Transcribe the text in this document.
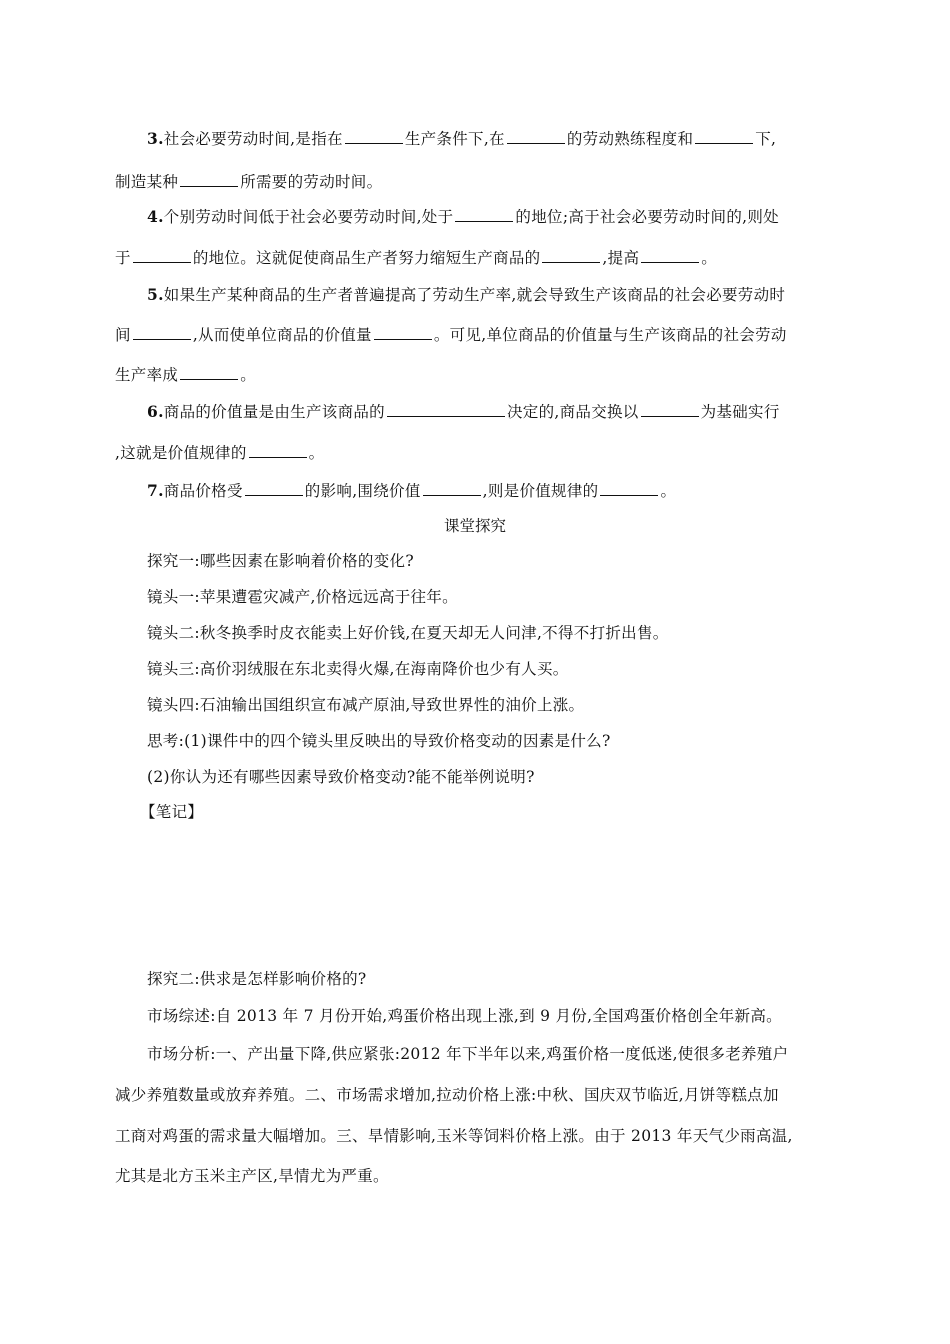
3.社会必要劳动时间,是指在	生产条件下,在	的劳动熟练程度和	下,
制造某种	所需要的劳动时间。
4.个别劳动时间低于社会必要劳动时间,处于	的地位;高于社会必要劳动时间的,则处
于	的地位。这就促使商品生产者努力缩短生产商品的	,提高	。
5.如果生产某种商品的生产者普遍提高了劳动生产率,就会导致生产该商品的社会必要劳动时
间	,从而使单位商品的价值量	。可见,单位商品的价值量与生产该商品的社会劳动
生产率成	。
6.商品的价值量是由生产该商品的	决定的,商品交换以	为基础实行
,这就是价值规律的	。
7.商品价格受	的影响,围绕价值	,则是价值规律的	。
课堂探究
探究一:哪些因素在影响着价格的变化?
镜头一:苹果遭雹灾减产,价格远远高于往年。
镜头二:秋冬换季时皮衣能卖上好价钱,在夏天却无人问津,不得不打折出售。
镜头三:高价羽绒服在东北卖得火爆,在海南降价也少有人买。
镜头四:石油输出国组织宣布减产原油,导致世界性的油价上涨。
思考:(1)课件中的四个镜头里反映出的导致价格变动的因素是什么?
(2)你认为还有哪些因素导致价格变动?能不能举例说明?
【笔记】
探究二:供求是怎样影响价格的?
市场综述:自 2013 年 7 月份开始,鸡蛋价格出现上涨,到 9 月份,全国鸡蛋价格创全年新高。
市场分析:一、产出量下降,供应紧张:2012 年下半年以来,鸡蛋价格一度低迷,使很多老养殖户
减少养殖数量或放弃养殖。二、市场需求增加,拉动价格上涨:中秋、国庆双节临近,月饼等糕点加
工商对鸡蛋的需求量大幅增加。三、旱情影响,玉米等饲料价格上涨。由于 2013 年天气少雨高温,
尤其是北方玉米主产区,旱情尤为严重。
